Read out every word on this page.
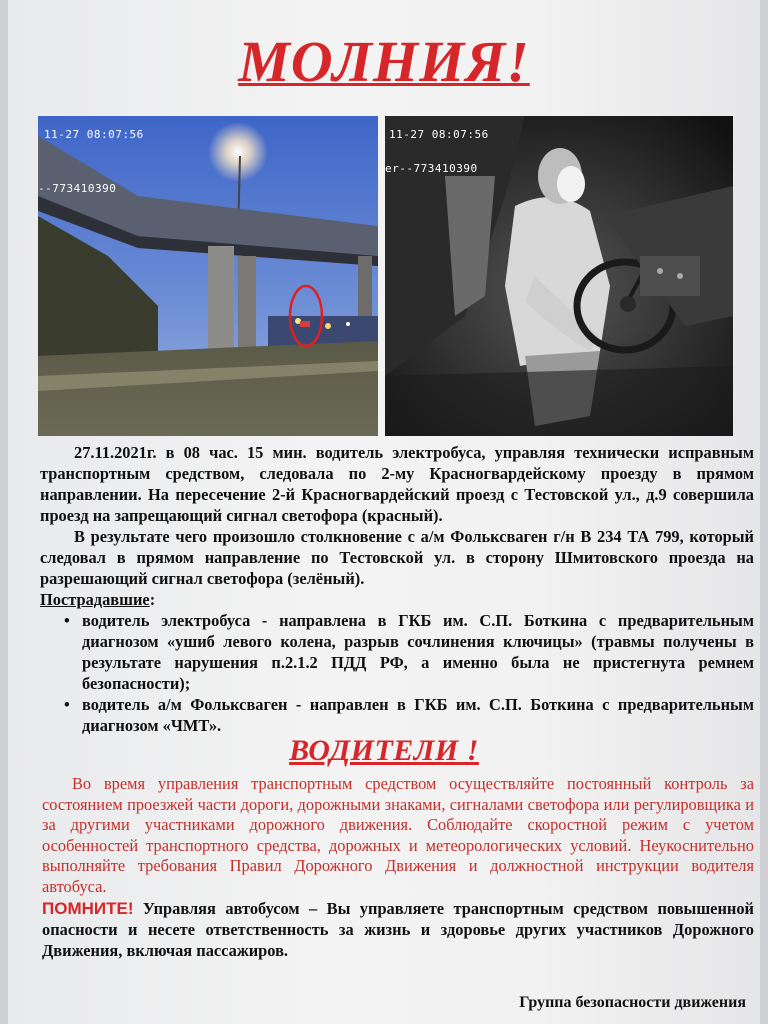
МОЛНИЯ!
11-27 08:07:56
--773410390
11-27 08:07:56
er--773410390

27.11.2021г. в 08 час. 15 мин. водитель электробуса, управляя технически исправным транспортным средством, следовала по 2-му Красногвардейскому проезду в прямом направлении. На пересечение 2-й Красногвардейский проезд с Тестовской ул., д.9 совершила проезд на запрещающий сигнал светофора (красный).

В результате чего произошло столкновение с а/м Фольксваген г/н В 234 ТА 799, который следовал в прямом направление по Тестовской ул. в сторону Шмитовского проезда на разрешающий сигнал светофора (зелёный).

Пострадавшие:

• водитель электробуса - направлена в ГКБ им. С.П. Боткина с предварительным диагнозом «ушиб левого колена, разрыв сочлинения ключицы» (травмы получены в результате нарушения п.2.1.2 ПДД РФ, а именно была не пристегнута ремнем безопасности);

• водитель а/м Фольксваген - направлен в ГКБ им. С.П. Боткина с предварительным диагнозом «ЧМТ».

ВОДИТЕЛИ !
Во время управления транспортным средством осуществляйте постоянный контроль за состоянием проезжей части дороги, дорожными знаками, сигналами светофора или регулировщика и за другими участниками дорожного движения. Соблюдайте скоростной режим с учетом особенностей транспортного средства, дорожных и метеорологических условий. Неукоснительно выполняйте требования Правил Дорожного Движения и должностной инструкции водителя автобуса.
ПОМНИТЕ! Управляя автобусом – Вы управляете транспортным средством повышенной опасности и несете ответственность за жизнь и здоровье других участников Дорожного Движения, включая пассажиров.
Группа безопасности движения
